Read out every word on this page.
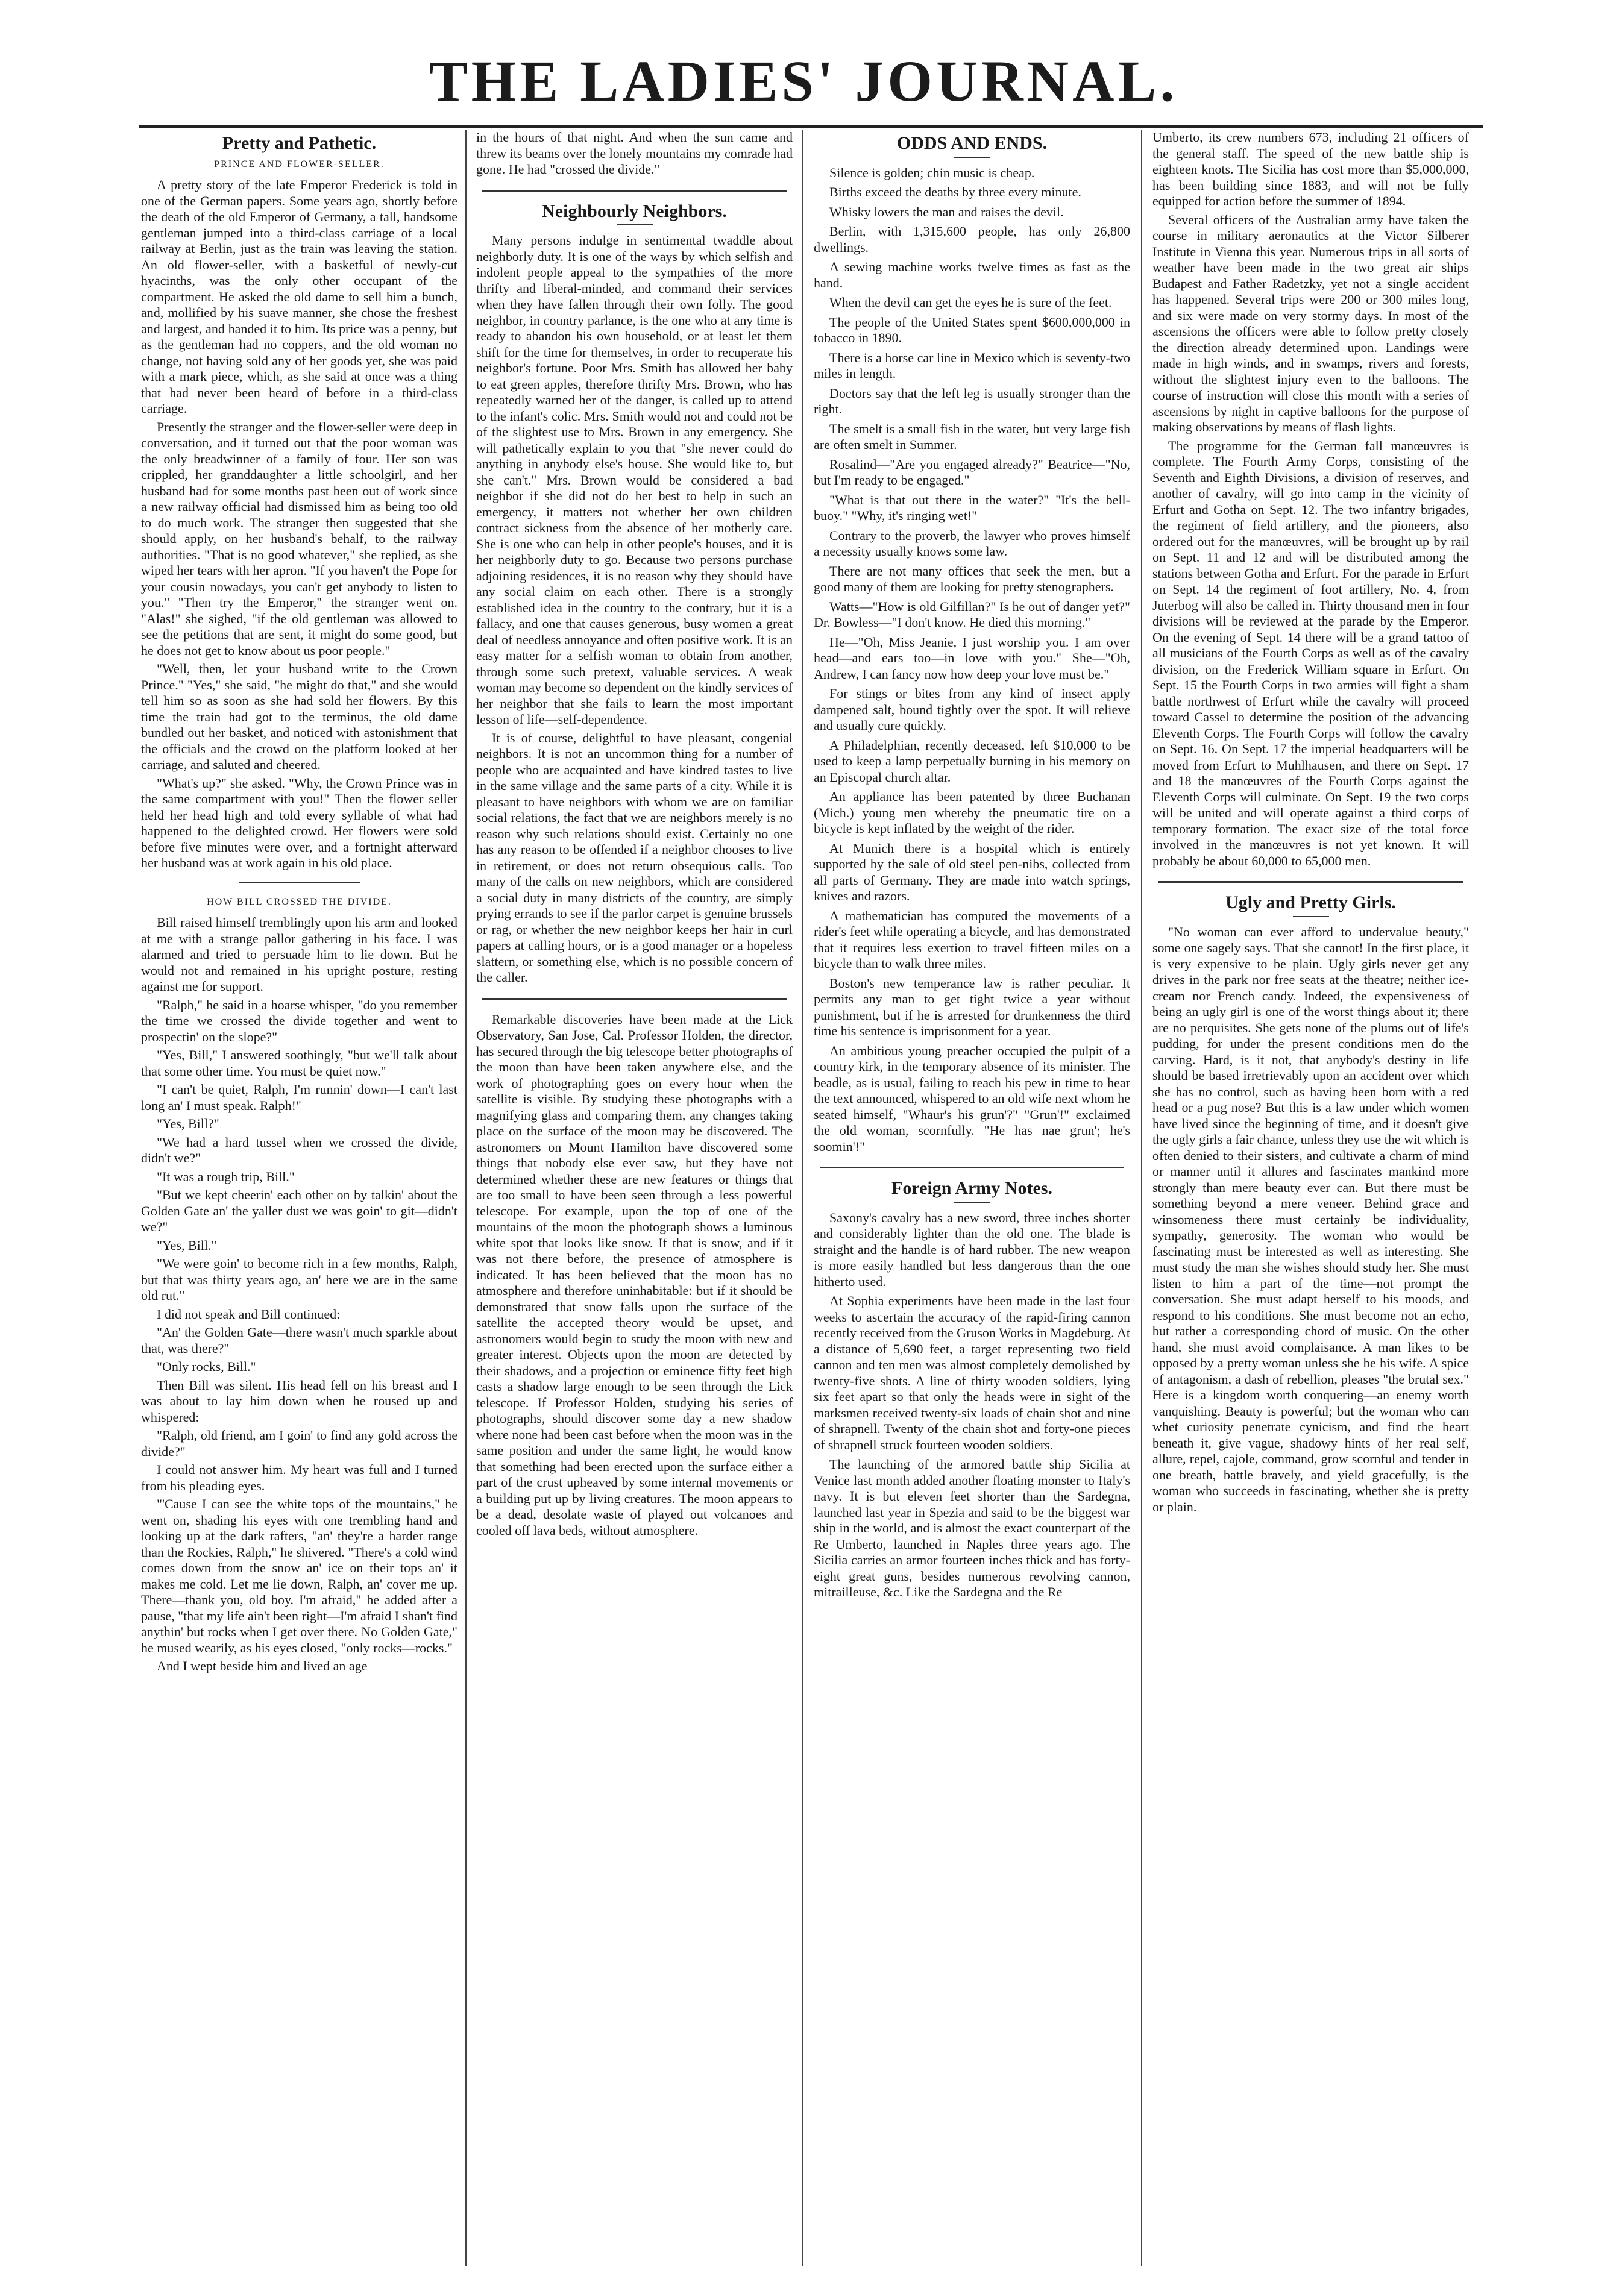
THE LADIES' JOURNAL.
Pretty and Pathetic.
PRINCE AND FLOWER-SELLER.

A pretty story of the late Emperor Frederick is told in one of the German papers. Some years ago, shortly before the death of the old Emperor of Germany, a tall, handsome gentleman jumped into a third-class carriage of a local railway at Berlin, just as the train was leaving the station. An old flower-seller, with a basketful of newly-cut hyacinths, was the only other occupant of the compartment. He asked the old dame to sell him a bunch, and, mollified by his suave manner, she chose the freshest and largest, and handed it to him. Its price was a penny, but as the gentleman had no coppers, and the old woman no change, not having sold any of her goods yet, she was paid with a mark piece, which, as she said at once was a thing that had never been heard of before in a third-class carriage.

Presently the stranger and the flower-seller were deep in conversation, and it turned out that the poor woman was the only breadwinner of a family of four. Her son was crippled, her granddaughter a little schoolgirl, and her husband had for some months past been out of work since a new railway official had dismissed him as being too old to do much work. The stranger then suggested that she should apply, on her husband's behalf, to the railway authorities. "That is no good whatever," she replied, as she wiped her tears with her apron. "If you haven't the Pope for your cousin nowadays, you can't get anybody to listen to you." "Then try the Emperor," the stranger went on. "Alas!" she sighed, "if the old gentleman was allowed to see the petitions that are sent, it might do some good, but he does not get to know about us poor people."

"Well, then, let your husband write to the Crown Prince." "Yes," she said, "he might do that," and she would tell him so as soon as she had sold her flowers. By this time the train had got to the terminus, the old dame bundled out her basket, and noticed with astonishment that the officials and the crowd on the platform looked at her carriage, and saluted and cheered.

"What's up?" she asked. "Why, the Crown Prince was in the same compartment with you!" Then the flower seller held her head high and told every syllable of what had happened to the delighted crowd. Her flowers were sold before five minutes were over, and a fortnight afterward her husband was at work again in his old place.

HOW BILL CROSSED THE DIVIDE.

Bill raised himself tremblingly upon his arm and looked at me with a strange pallor gathering in his face. I was alarmed and tried to persuade him to lie down. But he would not and remained in his upright posture, resting against me for support.

"Ralph," he said in a hoarse whisper, "do you remember the time we crossed the divide together and went to prospectin' on the slope?"

"Yes, Bill," I answered soothingly, "but we'll talk about that some other time. You must be quiet now."

"I can't be quiet, Ralph, I'm runnin' down—I can't last long an' I must speak. Ralph!"

"Yes, Bill?"

"We had a hard tussel when we crossed the divide, didn't we?"

"It was a rough trip, Bill."

"But we kept cheerin' each other on by talkin' about the Golden Gate an' the yaller dust we was goin' to git—didn't we?"

"Yes, Bill."

"We were goin' to become rich in a few months, Ralph, but that was thirty years ago, an' here we are in the same old rut."

I did not speak and Bill continued:

"An' the Golden Gate—there wasn't much sparkle about that, was there?"

"Only rocks, Bill."

Then Bill was silent. His head fell on his breast and I was about to lay him down when he roused up and whispered:

"Ralph, old friend, am I goin' to find any gold across the divide?"

I could not answer him. My heart was full and I turned from his pleading eyes.

"'Cause I can see the white tops of the mountains," he went on, shading his eyes with one trembling hand and looking up at the dark rafters, "an' they're a harder range than the Rockies, Ralph," he shivered. "There's a cold wind comes down from the snow an' ice on their tops an' it makes me cold. Let me lie down, Ralph, an' cover me up. There—thank you, old boy. I'm afraid," he added after a pause, "that my life ain't been right—I'm afraid I shan't find anythin' but rocks when I get over there. No Golden Gate," he mused wearily, as his eyes closed, "only rocks—rocks."

And I wept beside him and lived an age

in the hours of that night. And when the sun came and threw its beams over the lonely mountains my comrade had gone. He had "crossed the divide."

Neighbourly Neighbors.

Many persons indulge in sentimental twaddle about neighborly duty. It is one of the ways by which selfish and indolent people appeal to the sympathies of the more thrifty and liberal-minded, and command their services when they have fallen through their own folly. The good neighbor, in country parlance, is the one who at any time is ready to abandon his own household, or at least let them shift for the time for themselves, in order to recuperate his neighbor's fortune. Poor Mrs. Smith has allowed her baby to eat green apples, therefore thrifty Mrs. Brown, who has repeatedly warned her of the danger, is called up to attend to the infant's colic. Mrs. Smith would not and could not be of the slightest use to Mrs. Brown in any emergency. She will pathetically explain to you that "she never could do anything in anybody else's house. She would like to, but she can't." Mrs. Brown would be considered a bad neighbor if she did not do her best to help in such an emergency, it matters not whether her own children contract sickness from the absence of her motherly care. She is one who can help in other people's houses, and it is her neighborly duty to go. Because two persons purchase adjoining residences, it is no reason why they should have any social claim on each other. There is a strongly established idea in the country to the contrary, but it is a fallacy, and one that causes generous, busy women a great deal of needless annoyance and often positive work. It is an easy matter for a selfish woman to obtain from another, through some such pretext, valuable services. A weak woman may become so dependent on the kindly services of her neighbor that she fails to learn the most important lesson of life—self-dependence.

It is of course, delightful to have pleasant, congenial neighbors. It is not an uncommon thing for a number of people who are acquainted and have kindred tastes to live in the same village and the same parts of a city. While it is pleasant to have neighbors with whom we are on familiar social relations, the fact that we are neighbors merely is no reason why such relations should exist. Certainly no one has any reason to be offended if a neighbor chooses to live in retirement, or does not return obsequious calls. Too many of the calls on new neighbors, which are considered a social duty in many districts of the country, are simply prying errands to see if the parlor carpet is genuine brussels or rag, or whether the new neighbor keeps her hair in curl papers at calling hours, or is a good manager or a hopeless slattern, or something else, which is no possible concern of the caller.

Remarkable discoveries have been made at the Lick Observatory, San Jose, Cal. Professor Holden, the director, has secured through the big telescope better photographs of the moon than have been taken anywhere else, and the work of photographing goes on every hour when the satellite is visible. By studying these photographs with a magnifying glass and comparing them, any changes taking place on the surface of the moon may be discovered. The astronomers on Mount Hamilton have discovered some things that nobody else ever saw, but they have not determined whether these are new features or things that are too small to have been seen through a less powerful telescope. For example, upon the top of one of the mountains of the moon the photograph shows a luminous white spot that looks like snow. If that is snow, and if it was not there before, the presence of atmosphere is indicated. It has been believed that the moon has no atmosphere and therefore uninhabitable: but if it should be demonstrated that snow falls upon the surface of the satellite the accepted theory would be upset, and astronomers would begin to study the moon with new and greater interest. Objects upon the moon are detected by their shadows, and a projection or eminence fifty feet high casts a shadow large enough to be seen through the Lick telescope. If Professor Holden, studying his series of photographs, should discover some day a new shadow where none had been cast before when the moon was in the same position and under the same light, he would know that something had been erected upon the surface either a part of the crust upheaved by some internal movements or a building put up by living creatures. The moon appears to be a dead, desolate waste of played out volcanoes and cooled off lava beds, without atmosphere.

ODDS AND ENDS.

Silence is golden; chin music is cheap.

Births exceed the deaths by three every minute.

Whisky lowers the man and raises the devil.

Berlin, with 1,315,600 people, has only 26,800 dwellings.

A sewing machine works twelve times as fast as the hand.

When the devil can get the eyes he is sure of the feet.

The people of the United States spent $600,000,000 in tobacco in 1890.

There is a horse car line in Mexico which is seventy-two miles in length.

Doctors say that the left leg is usually stronger than the right.

The smelt is a small fish in the water, but very large fish are often smelt in Summer.

Rosalind—"Are you engaged already?" Beatrice—"No, but I'm ready to be engaged."

"What is that out there in the water?" "It's the bell-buoy." "Why, it's ringing wet!"

Contrary to the proverb, the lawyer who proves himself a necessity usually knows some law.

There are not many offices that seek the men, but a good many of them are looking for pretty stenographers.

Watts—"How is old Gilfillan?" Is he out of danger yet?" Dr. Bowless—"I don't know. He died this morning."

He—"Oh, Miss Jeanie, I just worship you. I am over head—and ears too—in love with you." She—"Oh, Andrew, I can fancy now how deep your love must be."

For stings or bites from any kind of insect apply dampened salt, bound tightly over the spot. It will relieve and usually cure quickly.

A Philadelphian, recently deceased, left $10,000 to be used to keep a lamp perpetually burning in his memory on an Episcopal church altar.

An appliance has been patented by three Buchanan (Mich.) young men whereby the pneumatic tire on a bicycle is kept inflated by the weight of the rider.

At Munich there is a hospital which is entirely supported by the sale of old steel pen-nibs, collected from all parts of Germany. They are made into watch springs, knives and razors.

A mathematician has computed the movements of a rider's feet while operating a bicycle, and has demonstrated that it requires less exertion to travel fifteen miles on a bicycle than to walk three miles.

Boston's new temperance law is rather peculiar. It permits any man to get tight twice a year without punishment, but if he is arrested for drunkenness the third time his sentence is imprisonment for a year.

An ambitious young preacher occupied the pulpit of a country kirk, in the temporary absence of its minister. The beadle, as is usual, failing to reach his pew in time to hear the text announced, whispered to an old wife next whom he seated himself, "Whaur's his grun'?" "Grun'!" exclaimed the old woman, scornfully. "He has nae grun'; he's soomin'!"

Foreign Army Notes.

Saxony's cavalry has a new sword, three inches shorter and considerably lighter than the old one. The blade is straight and the handle is of hard rubber. The new weapon is more easily handled but less dangerous than the one hitherto used.

At Sophia experiments have been made in the last four weeks to ascertain the accuracy of the rapid-firing cannon recently received from the Gruson Works in Magdeburg. At a distance of 5,690 feet, a target representing two field cannon and ten men was almost completely demolished by twenty-five shots. A line of thirty wooden soldiers, lying six feet apart so that only the heads were in sight of the marksmen received twenty-six loads of chain shot and nine of shrapnell. Twenty of the chain shot and forty-one pieces of shrapnell struck fourteen wooden soldiers.

The launching of the armored battle ship Sicilia at Venice last month added another floating monster to Italy's navy. It is but eleven feet shorter than the Sardegna, launched last year in Spezia and said to be the biggest war ship in the world, and is almost the exact counterpart of the Re Umberto, launched in Naples three years ago. The Sicilia carries an armor fourteen inches thick and has forty-eight great guns, besides numerous revolving cannon, mitrailleuse, &c. Like the Sardegna and the Re

Umberto, its crew numbers 673, including 21 officers of the general staff. The speed of the new battle ship is eighteen knots. The Sicilia has cost more than $5,000,000, has been building since 1883, and will not be fully equipped for action before the summer of 1894.

Several officers of the Australian army have taken the course in military aeronautics at the Victor Silberer Institute in Vienna this year. Numerous trips in all sorts of weather have been made in the two great air ships Budapest and Father Radetzky, yet not a single accident has happened. Several trips were 200 or 300 miles long, and six were made on very stormy days. In most of the ascensions the officers were able to follow pretty closely the direction already determined upon. Landings were made in high winds, and in swamps, rivers and forests, without the slightest injury even to the balloons. The course of instruction will close this month with a series of ascensions by night in captive balloons for the purpose of making observations by means of flash lights.

The programme for the German fall manœuvres is complete. The Fourth Army Corps, consisting of the Seventh and Eighth Divisions, a division of reserves, and another of cavalry, will go into camp in the vicinity of Erfurt and Gotha on Sept. 12. The two infantry brigades, the regiment of field artillery, and the pioneers, also ordered out for the manœuvres, will be brought up by rail on Sept. 11 and 12 and will be distributed among the stations between Gotha and Erfurt. For the parade in Erfurt on Sept. 14 the regiment of foot artillery, No. 4, from Juterbog will also be called in. Thirty thousand men in four divisions will be reviewed at the parade by the Emperor. On the evening of Sept. 14 there will be a grand tattoo of all musicians of the Fourth Corps as well as of the cavalry division, on the Frederick William square in Erfurt. On Sept. 15 the Fourth Corps in two armies will fight a sham battle northwest of Erfurt while the cavalry will proceed toward Cassel to determine the position of the advancing Eleventh Corps. The Fourth Corps will follow the cavalry on Sept. 16. On Sept. 17 the imperial headquarters will be moved from Erfurt to Muhlhausen, and there on Sept. 17 and 18 the manœuvres of the Fourth Corps against the Eleventh Corps will culminate. On Sept. 19 the two corps will be united and will operate against a third corps of temporary formation. The exact size of the total force involved in the manœuvres is not yet known. It will probably be about 60,000 to 65,000 men.

Ugly and Pretty Girls.

"No woman can ever afford to undervalue beauty," some one sagely says. That she cannot! In the first place, it is very expensive to be plain. Ugly girls never get any drives in the park nor free seats at the theatre; neither ice-cream nor French candy. Indeed, the expensiveness of being an ugly girl is one of the worst things about it; there are no perquisites. She gets none of the plums out of life's pudding, for under the present conditions men do the carving. Hard, is it not, that anybody's destiny in life should be based irretrievably upon an accident over which she has no control, such as having been born with a red head or a pug nose? But this is a law under which women have lived since the beginning of time, and it doesn't give the ugly girls a fair chance, unless they use the wit which is often denied to their sisters, and cultivate a charm of mind or manner until it allures and fascinates mankind more strongly than mere beauty ever can. But there must be something beyond a mere veneer. Behind grace and winsomeness there must certainly be individuality, sympathy, generosity. The woman who would be fascinating must be interested as well as interesting. She must study the man she wishes should study her. She must listen to him a part of the time—not prompt the conversation. She must adapt herself to his moods, and respond to his conditions. She must become not an echo, but rather a corresponding chord of music. On the other hand, she must avoid complaisance. A man likes to be opposed by a pretty woman unless she be his wife. A spice of antagonism, a dash of rebellion, pleases "the brutal sex." Here is a kingdom worth conquering—an enemy worth vanquishing. Beauty is powerful; but the woman who can whet curiosity penetrate cynicism, and find the heart beneath it, give vague, shadowy hints of her real self, allure, repel, cajole, command, grow scornful and tender in one breath, battle bravely, and yield gracefully, is the woman who succeeds in fascinating, whether she is pretty or plain.
